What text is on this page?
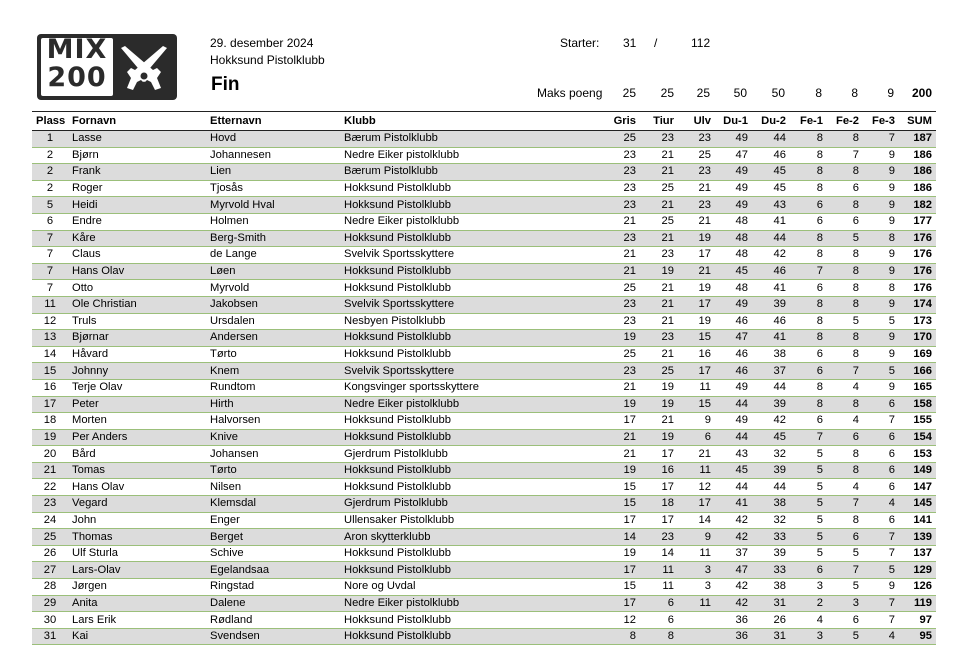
MIX
200
29. desember 2024
Hokksund Pistolklubb
Fin
Starter: 31 /	112
Maks poeng	25	25	25	50	50	8	8	9	200
Plass	Fornavn	Etternavn	Klubb	Gris	Tiur	Ulv	Du-1	Du-2	Fe-1	Fe-2	Fe-3	SUM
1	Lasse	Hovd	Bærum Pistolklubb	25	23	23	49	44	8	8	7	187
2	Bjørn	Johannesen	Nedre Eiker pistolklubb	23	21	25	47	46	8	7	9	186
2	Frank	Lien	Bærum Pistolklubb	23	21	23	49	45	8	8	9	186
2	Roger	Tjosås	Hokksund Pistolklubb	23	25	21	49	45	8	6	9	186
5	Heidi	Myrvold Hval	Hokksund Pistolklubb	23	21	23	49	43	6	8	9	182
6	Endre	Holmen	Nedre Eiker pistolklubb	21	25	21	48	41	6	6	9	177
7	Kåre	Berg-Smith	Hokksund Pistolklubb	23	21	19	48	44	8	5	8	176
7	Claus	de Lange	Svelvik Sportsskyttere	21	23	17	48	42	8	8	9	176
7	Hans Olav	Løen	Hokksund Pistolklubb	21	19	21	45	46	7	8	9	176
7	Otto	Myrvold	Hokksund Pistolklubb	25	21	19	48	41	6	8	8	176
11	Ole Christian	Jakobsen	Svelvik Sportsskyttere	23	21	17	49	39	8	8	9	174
12	Truls	Ursdalen	Nesbyen Pistolklubb	23	21	19	46	46	8	5	5	173
13	Bjørnar	Andersen	Hokksund Pistolklubb	19	23	15	47	41	8	8	9	170
14	Håvard	Tørto	Hokksund Pistolklubb	25	21	16	46	38	6	8	9	169
15	Johnny	Knem	Svelvik Sportsskyttere	23	25	17	46	37	6	7	5	166
16	Terje Olav	Rundtom	Kongsvinger sportsskyttere	21	19	11	49	44	8	4	9	165
17	Peter	Hirth	Nedre Eiker pistolklubb	19	19	15	44	39	8	8	6	158
18	Morten	Halvorsen	Hokksund Pistolklubb	17	21	9	49	42	6	4	7	155
19	Per Anders	Knive	Hokksund Pistolklubb	21	19	6	44	45	7	6	6	154
20	Bård	Johansen	Gjerdrum Pistolklubb	21	17	21	43	32	5	8	6	153
21	Tomas	Tørto	Hokksund Pistolklubb	19	16	11	45	39	5	8	6	149
22	Hans Olav	Nilsen	Hokksund Pistolklubb	15	17	12	44	44	5	4	6	147
23	Vegard	Klemsdal	Gjerdrum Pistolklubb	15	18	17	41	38	5	7	4	145
24	John	Enger	Ullensaker Pistolklubb	17	17	14	42	32	5	8	6	141
25	Thomas	Berget	Aron skytterklubb	14	23	9	42	33	5	6	7	139
26	Ulf Sturla	Schive	Hokksund Pistolklubb	19	14	11	37	39	5	5	7	137
27	Lars-Olav	Egelandsaa	Hokksund Pistolklubb	17	11	3	47	33	6	7	5	129
28	Jørgen	Ringstad	Nore og Uvdal	15	11	3	42	38	3	5	9	126
29	Anita	Dalene	Nedre Eiker pistolklubb	17	6	11	42	31	2	3	7	119
30	Lars Erik	Rødland	Hokksund Pistolklubb	12	6		36	26	4	6	7	97
31	Kai	Svendsen	Hokksund Pistolklubb	8	8		36	31	3	5	4	95
